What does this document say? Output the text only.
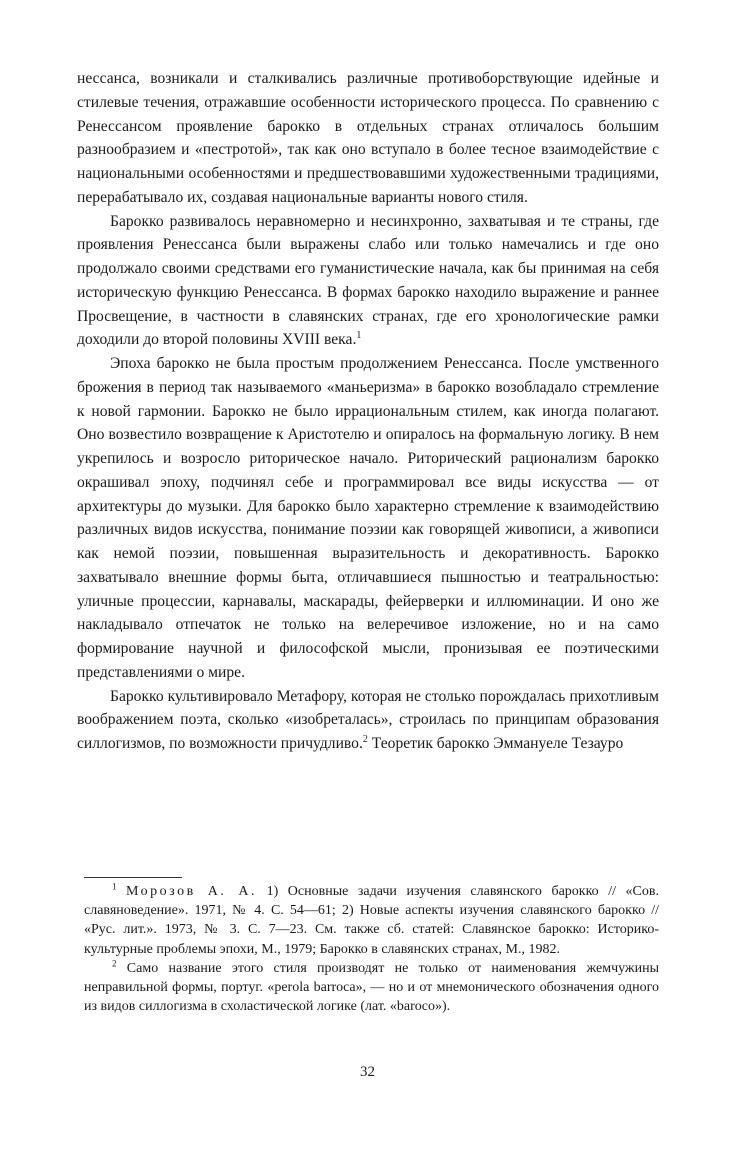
нессанса, возникали и сталкивались различные противоборствующие идейные и стилевые течения, отражавшие особенности исторического процесса. По сравнению с Ренессансом проявление барокко в отдельных странах отличалось большим разнообразием и «пестротой», так как оно вступало в более тесное взаимодействие с национальными особенностями и предшествовавшими художественными традициями, перерабатывало их, создавая национальные варианты нового стиля.

Барокко развивалось неравномерно и несинхронно, захватывая и те страны, где проявления Ренессанса были выражены слабо или только намечались и где оно продолжало своими средствами его гуманистические начала, как бы принимая на себя историческую функцию Ренессанса. В формах барокко находило выражение и раннее Просвещение, в частности в славянских странах, где его хронологические рамки доходили до второй половины XVIII века.$^1$

Эпоха барокко не была простым продолжением Ренессанса. После умственного брожения в период так называемого «маньеризма» в барокко возобладало стремление к новой гармонии. Барокко не было иррациональным стилем, как иногда полагают. Оно возвестило возвращение к Аристотелю и опиралось на формальную логику. В нем укрепилось и возросло риторическое начало. Риторический рационализм барокко окрашивал эпоху, подчинял себе и программировал все виды искусства — от архитектуры до музыки. Для барокко было характерно стремление к взаимодействию различных видов искусства, понимание поэзии как говорящей живописи, а живописи как немой поэзии, повышенная выразительность и декоративность. Барокко захватывало внешние формы быта, отличавшиеся пышностью и театральностью: уличные процессии, карнавалы, маскарады, фейерверки и иллюминации. И оно же накладывало отпечаток не только на велеречивое изложение, но и на само формирование научной и философской мысли, пронизывая ее поэтическими представлениями о мире.

Барокко культивировало Метафору, которая не столько порождалась прихотливым воображением поэта, сколько «изобреталась», строилась по принципам образования силлогизмов, по возможности причудливо.$^2$ Теоретик барокко Эммануеле Тезауро

$^1$ Морозов А. А. 1) Основные задачи изучения славянского барокко // «Сов. славяноведение». 1971, № 4. С. 54—61; 2) Новые аспекты изучения славянского барокко // «Рус. лит.». 1973, № 3. С. 7—23. См. также сб. статей: Славянское барокко: Историко-культурные проблемы эпохи, М., 1979; Барокко в славянских странах, М., 1982.

$^2$ Само название этого стиля производят не только от наименования жемчужины неправильной формы, португ. «perola barroca», — но и от мнемонического обозначения одного из видов силлогизма в схоластической логике (лат. «baroco»).

32
